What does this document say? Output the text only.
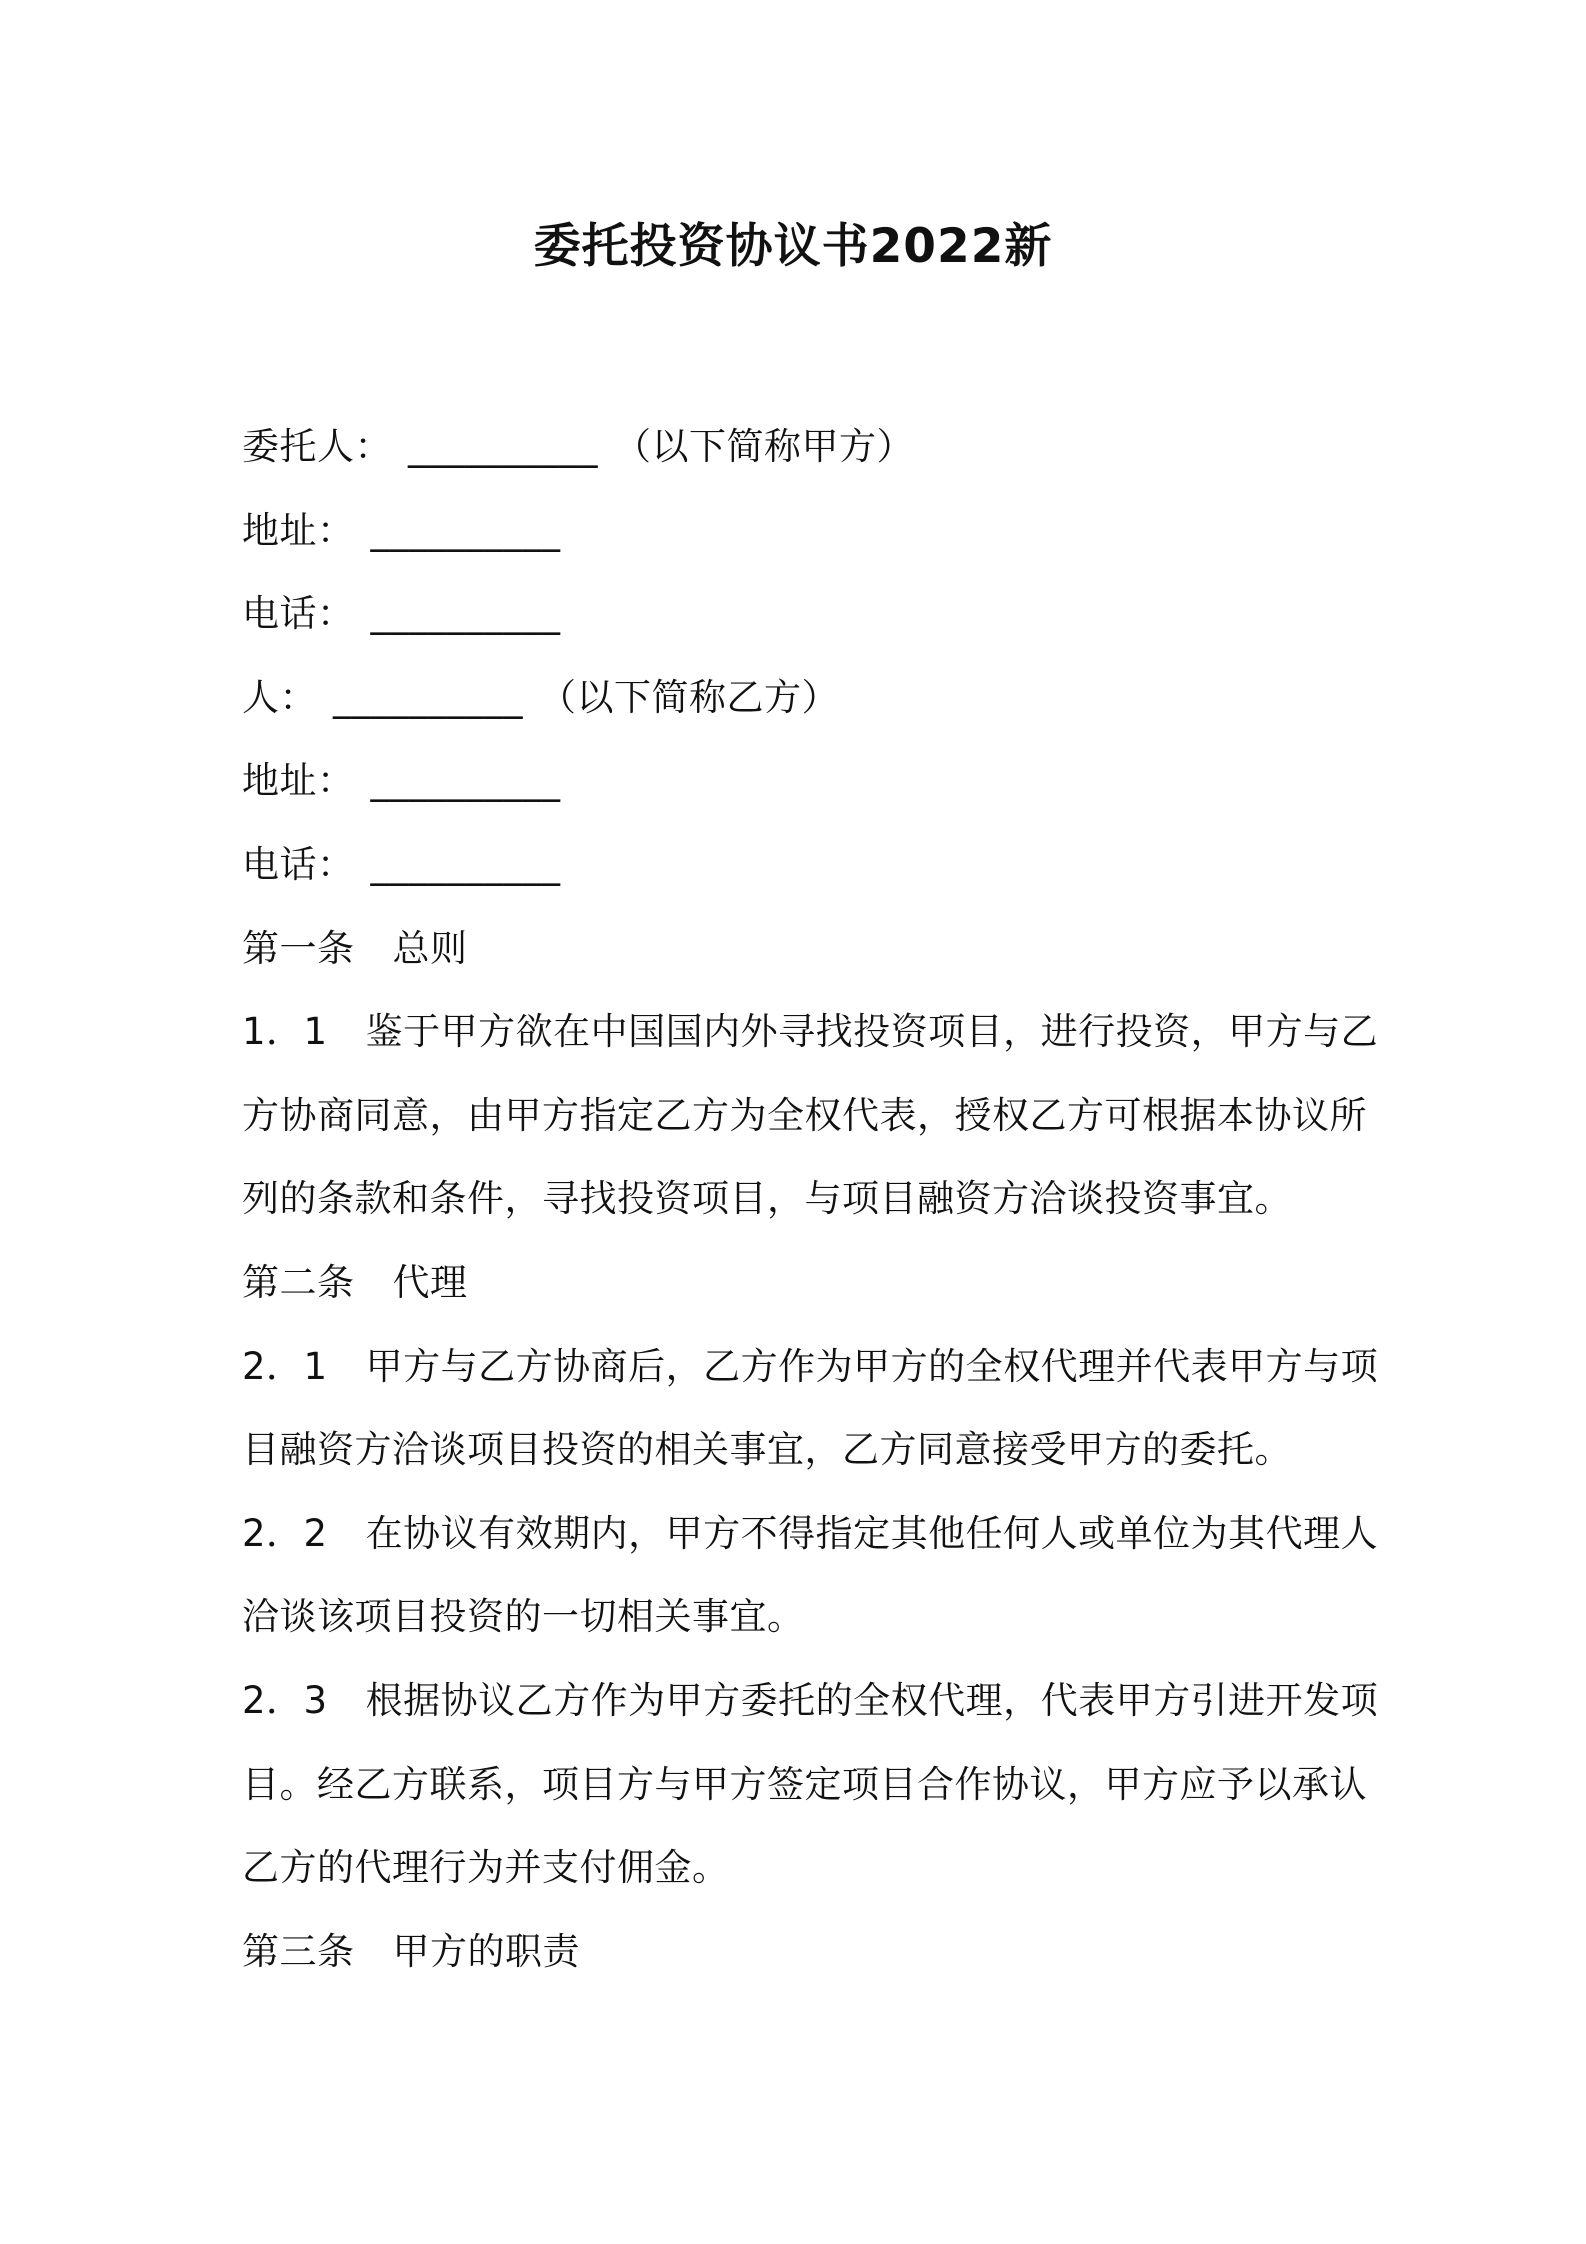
委托投资协议书2022新
委托人： __________ （以下简称甲方）
地址： __________
电话： __________
人： __________ （以下简称乙方）
地址： __________
电话： __________
第一条 总则
1．1 鉴于甲方欲在中国国内外寻找投资项目，进行投资，甲方与乙
方协商同意，由甲方指定乙方为全权代表，授权乙方可根据本协议所
列的条款和条件，寻找投资项目，与项目融资方洽谈投资事宜。
第二条 代理
2．1 甲方与乙方协商后，乙方作为甲方的全权代理并代表甲方与项
目融资方洽谈项目投资的相关事宜，乙方同意接受甲方的委托。
2．2 在协议有效期内，甲方不得指定其他任何人或单位为其代理人
洽谈该项目投资的一切相关事宜。
2．3 根据协议乙方作为甲方委托的全权代理，代表甲方引进开发项
目。经乙方联系，项目方与甲方签定项目合作协议，甲方应予以承认
乙方的代理行为并支付佣金。
第三条 甲方的职责
